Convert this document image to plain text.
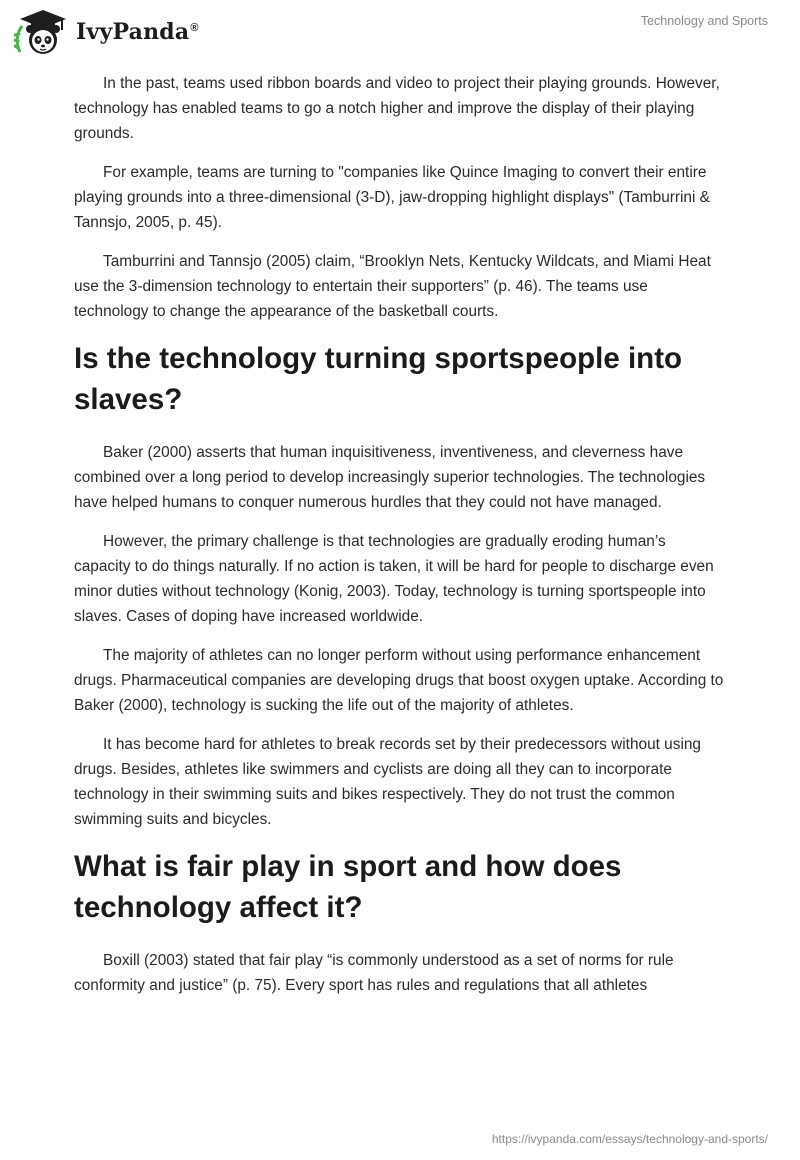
IvyPanda®	Technology and Sports

In the past, teams used ribbon boards and video to project their playing grounds. However, technology has enabled teams to go a notch higher and improve the display of their playing grounds.

For example, teams are turning to "companies like Quince Imaging to convert their entire playing grounds into a three-dimensional (3-D), jaw-dropping highlight displays" (Tamburrini & Tannsjo, 2005, p. 45).

Tamburrini and Tannsjo (2005) claim, “Brooklyn Nets, Kentucky Wildcats, and Miami Heat use the 3-dimension technology to entertain their supporters” (p. 46). The teams use technology to change the appearance of the basketball courts.

Is the technology turning sportspeople into slaves?

Baker (2000) asserts that human inquisitiveness, inventiveness, and cleverness have combined over a long period to develop increasingly superior technologies. The technologies have helped humans to conquer numerous hurdles that they could not have managed.

However, the primary challenge is that technologies are gradually eroding human’s capacity to do things naturally. If no action is taken, it will be hard for people to discharge even minor duties without technology (Konig, 2003). Today, technology is turning sportspeople into slaves. Cases of doping have increased worldwide.

The majority of athletes can no longer perform without using performance enhancement drugs. Pharmaceutical companies are developing drugs that boost oxygen uptake. According to Baker (2000), technology is sucking the life out of the majority of athletes.

It has become hard for athletes to break records set by their predecessors without using drugs. Besides, athletes like swimmers and cyclists are doing all they can to incorporate technology in their swimming suits and bikes respectively. They do not trust the common swimming suits and bicycles.

What is fair play in sport and how does technology affect it?

Boxill (2003) stated that fair play “is commonly understood as a set of norms for rule conformity and justice” (p. 75). Every sport has rules and regulations that all athletes

https://ivypanda.com/essays/technology-and-sports/
